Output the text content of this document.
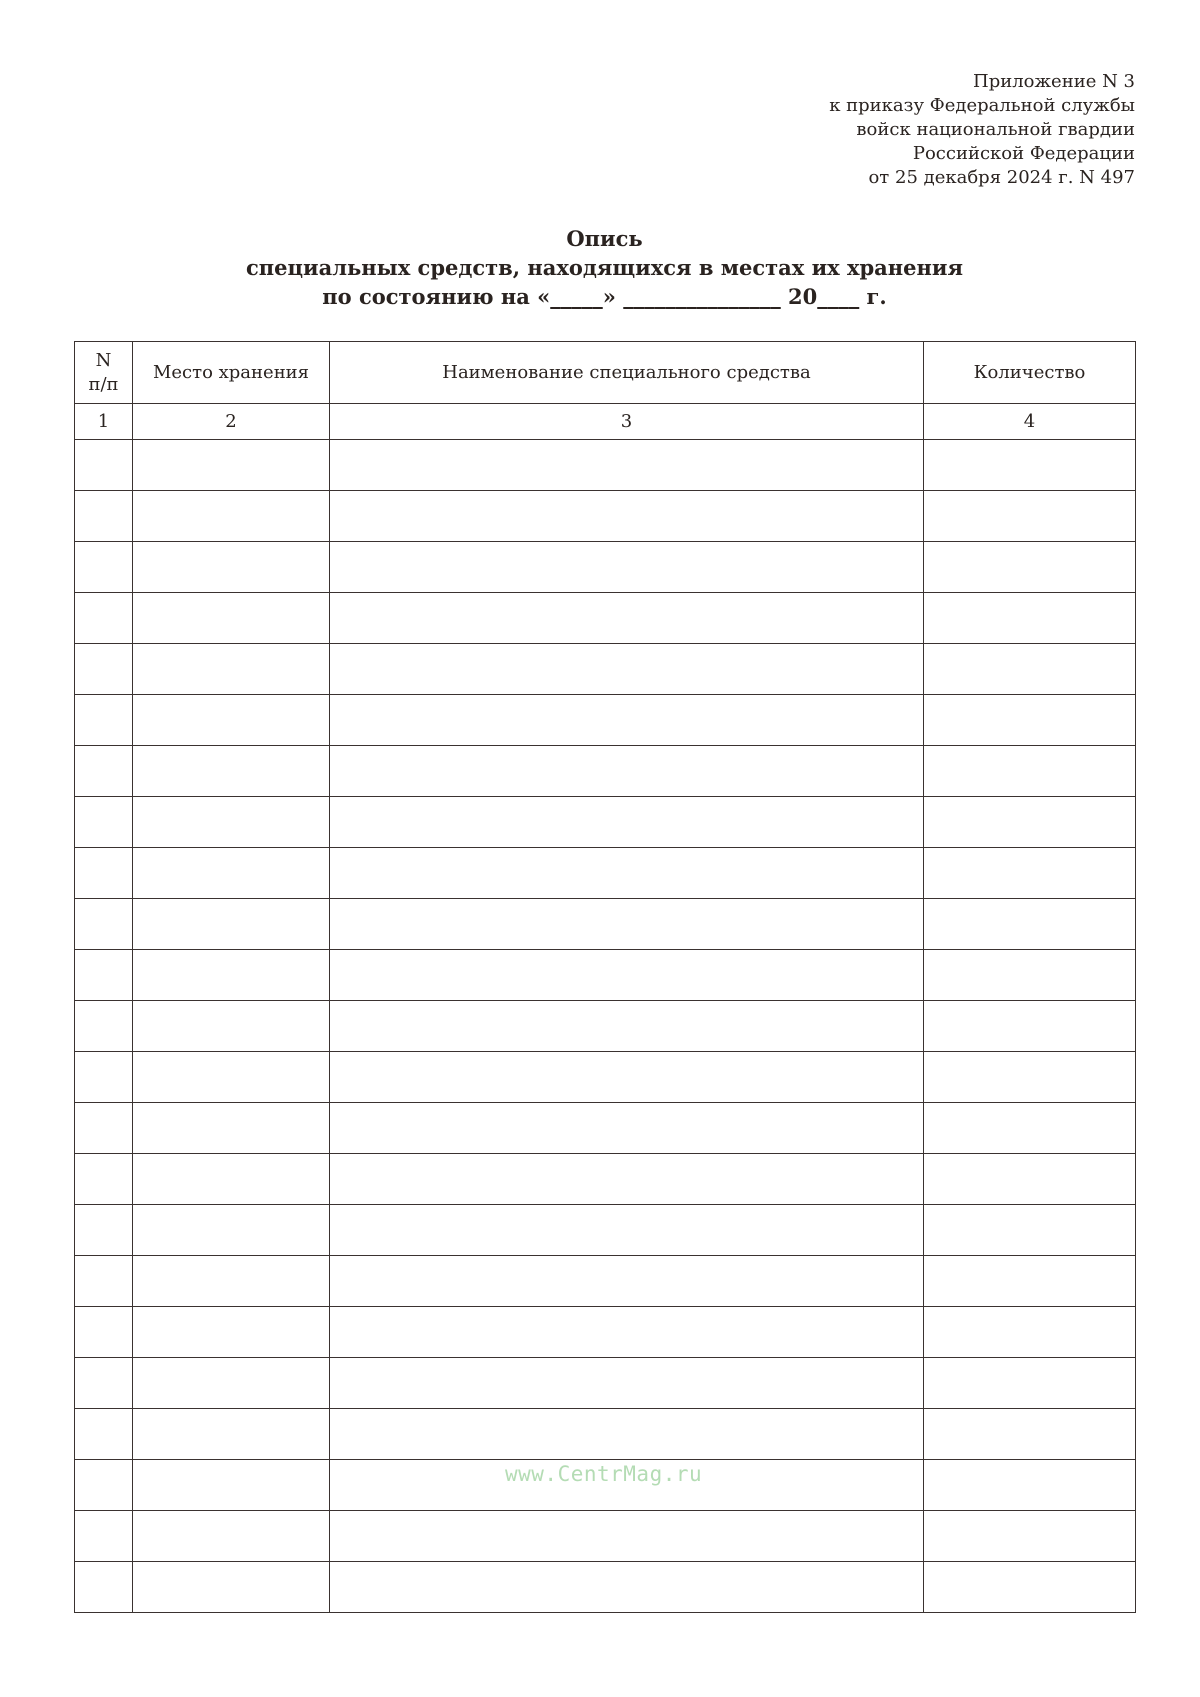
Приложение N 3
к приказу Федеральной службы
войск национальной гвардии
Российской Федерации
от 25 декабря 2024 г. N 497
Опись
специальных средств, находящихся в местах их хранения
по состоянию на «_____» _______________ 20____ г.
N
п/п	Место хранения	Наименование специального средства	Количество
1	2	3	4

www.CentrMag.ru
